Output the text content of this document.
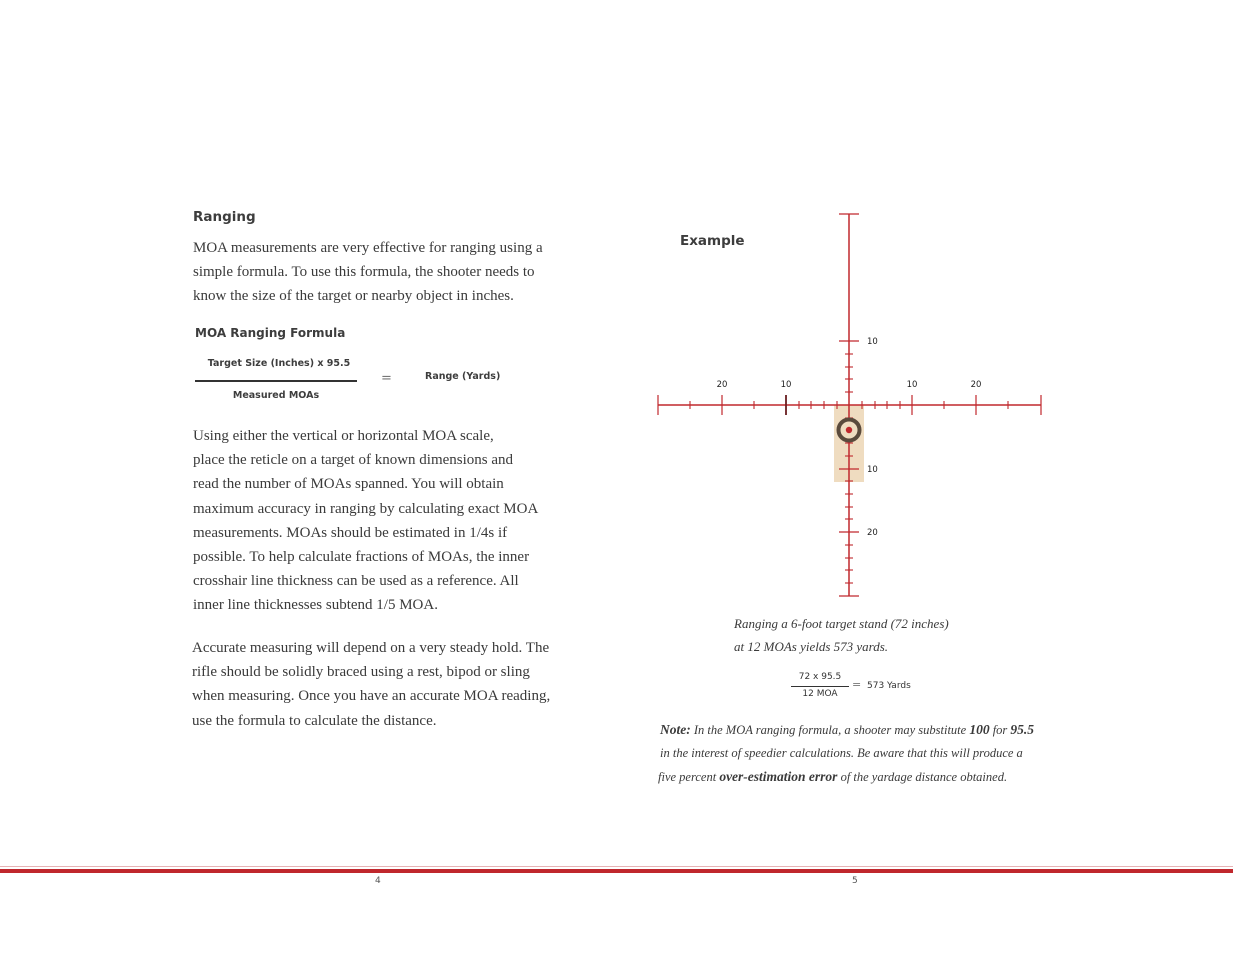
Ranging

MOA measurements are very effective for ranging using a

simple formula. To use this formula, the shooter needs to

know the size of the target or nearby object in inches.

MOA Ranging Formula
Target Size (Inches) x 95.5
Measured MOAs
=	Range (Yards)

Using either the vertical or horizontal MOA scale,

place the reticle on a target of known dimensions and

read the number of MOAs spanned. You will obtain

maximum accuracy in ranging by calculating exact MOA

measurements. MOAs should be estimated in 1/4s if

possible. To help calculate fractions of MOAs, the inner

crosshair line thickness can be used as a reference. All

inner line thicknesses subtend 1/5 MOA.

Accurate measuring will depend on a very steady hold. The

rifle should be solidly braced using a rest, bipod or sling

when measuring. Once you have an accurate MOA reading,

use the formula to calculate the distance.

Example
10
20	10	10	20
10
20

Ranging a 6-foot target stand (72 inches)

at 12 MOAs yields 573 yards.

72 x 95.5
12 MOA
= 573 Yards

Note: In the MOA ranging formula, a shooter may substitute 100 for 95.5

in the interest of speedier calculations. Be aware that this will produce a

five percent over-estimation error of the yardage distance obtained.

4	5
